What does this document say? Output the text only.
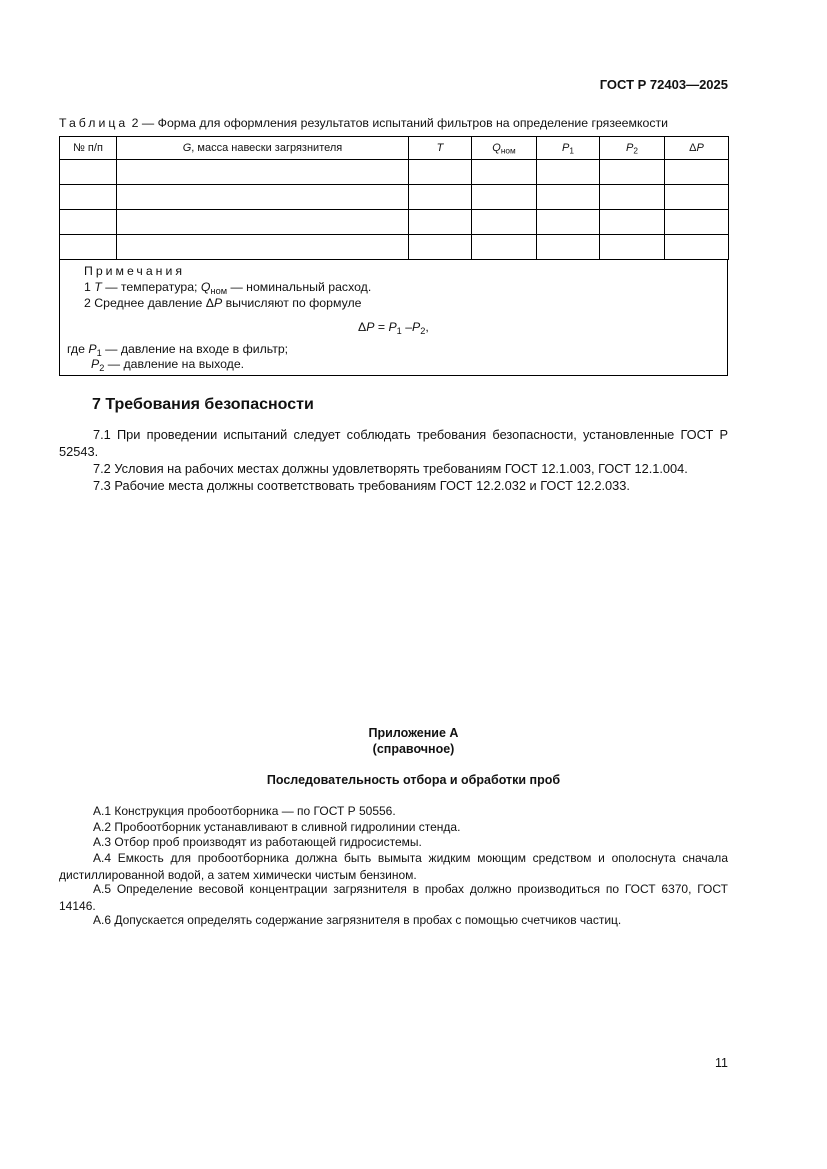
ГОСТ Р 72403—2025
Таблица 2 — Форма для оформления результатов испытаний фильтров на определение грязеемкости
№ п/п	G, масса навески загрязнителя	T	$Q_{ном}$	$P_1$	$P_2$	ΔP

Примечания
1 T — температура; $Q_{ном}$ — номинальный расход.
2 Среднее давление ΔP вычисляют по формуле
$\Delta P = P_1$ $-P_2$,
где $P_1$ — давление на входе в фильтр;
$P_2$ — давление на выходе.
7 Требования безопасности
7.1 При проведении испытаний следует соблюдать требования безопасности, установленные ГОСТ Р 52543.
7.2 Условия на рабочих местах должны удовлетворять требованиям ГОСТ 12.1.003, ГОСТ 12.1.004.
7.3 Рабочие места должны соответствовать требованиям ГОСТ 12.2.032 и ГОСТ 12.2.033.
Приложение А
(справочное)
Последовательность отбора и обработки проб
А.1 Конструкция пробоотборника — по ГОСТ Р 50556.
А.2 Пробоотборник устанавливают в сливной гидролинии стенда.
А.3 Отбор проб производят из работающей гидросистемы.
А.4 Емкость для пробоотборника должна быть вымыта жидким моющим средством и ополоснута сначала дистиллированной водой, а затем химически чистым бензином.
А.5 Определение весовой концентрации загрязнителя в пробах должно производиться по ГОСТ 6370, ГОСТ 14146.
А.6 Допускается определять содержание загрязнителя в пробах с помощью счетчиков частиц.
11
